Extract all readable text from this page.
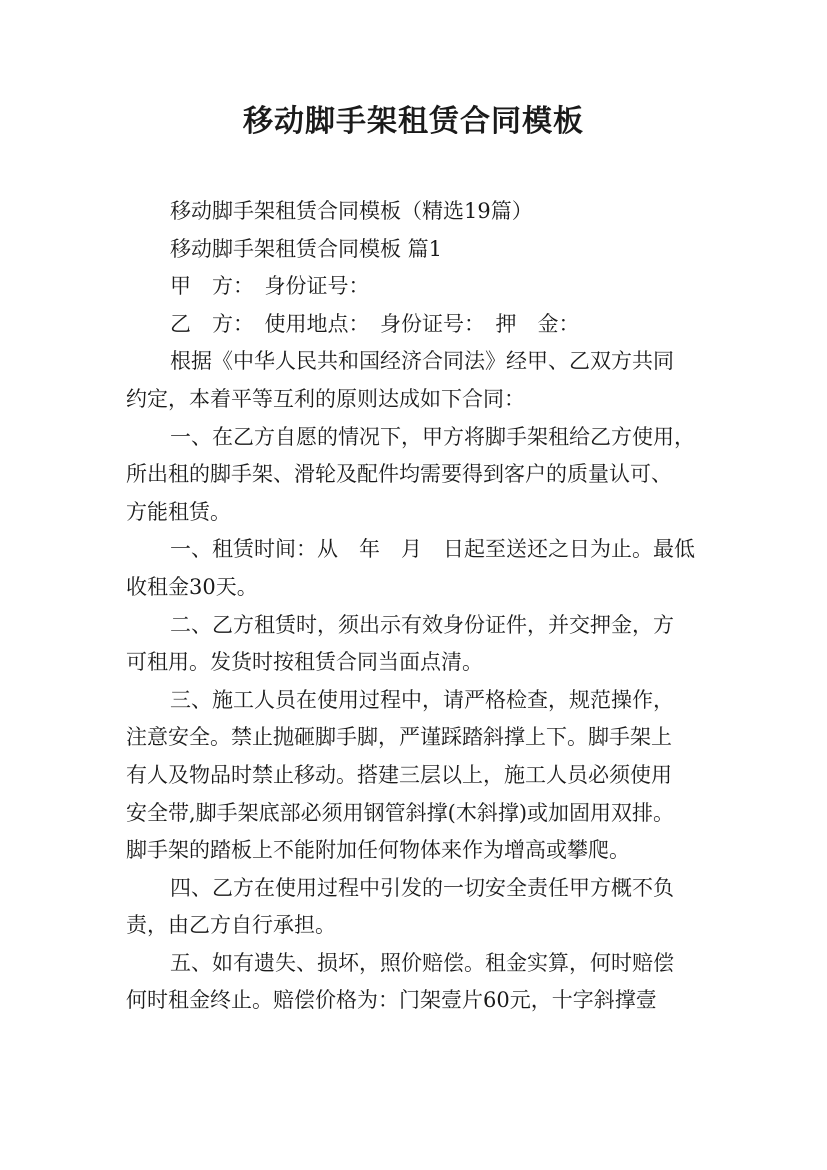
移动脚手架租赁合同模板
移动脚手架租赁合同模板（精选19篇）
移动脚手架租赁合同模板 篇1
甲　方：　身份证号：
乙　方：　使用地点：　身份证号：　押　金：
根据《中华人民共和国经济合同法》经甲、乙双方共同
约定，本着平等互利的原则达成如下合同：
一、在乙方自愿的情况下，甲方将脚手架租给乙方使用，
所出租的脚手架、滑轮及配件均需要得到客户的质量认可、
方能租赁。
一、租赁时间：从　年　月　日起至送还之日为止。最低
收租金30天。
二、乙方租赁时，须出示有效身份证件，并交押金，方
可租用。发货时按租赁合同当面点清。
三、施工人员在使用过程中，请严格检查，规范操作，
注意安全。禁止抛砸脚手脚，严谨踩踏斜撑上下。脚手架上
有人及物品时禁止移动。搭建三层以上，施工人员必须使用
安全带,脚手架底部必须用钢管斜撑(木斜撑)或加固用双排。
脚手架的踏板上不能附加任何物体来作为增高或攀爬。
四、乙方在使用过程中引发的一切安全责任甲方概不负
责，由乙方自行承担。
五、如有遗失、损坏，照价赔偿。租金实算，何时赔偿
何时租金终止。赔偿价格为：门架壹片60元，十字斜撑壹
